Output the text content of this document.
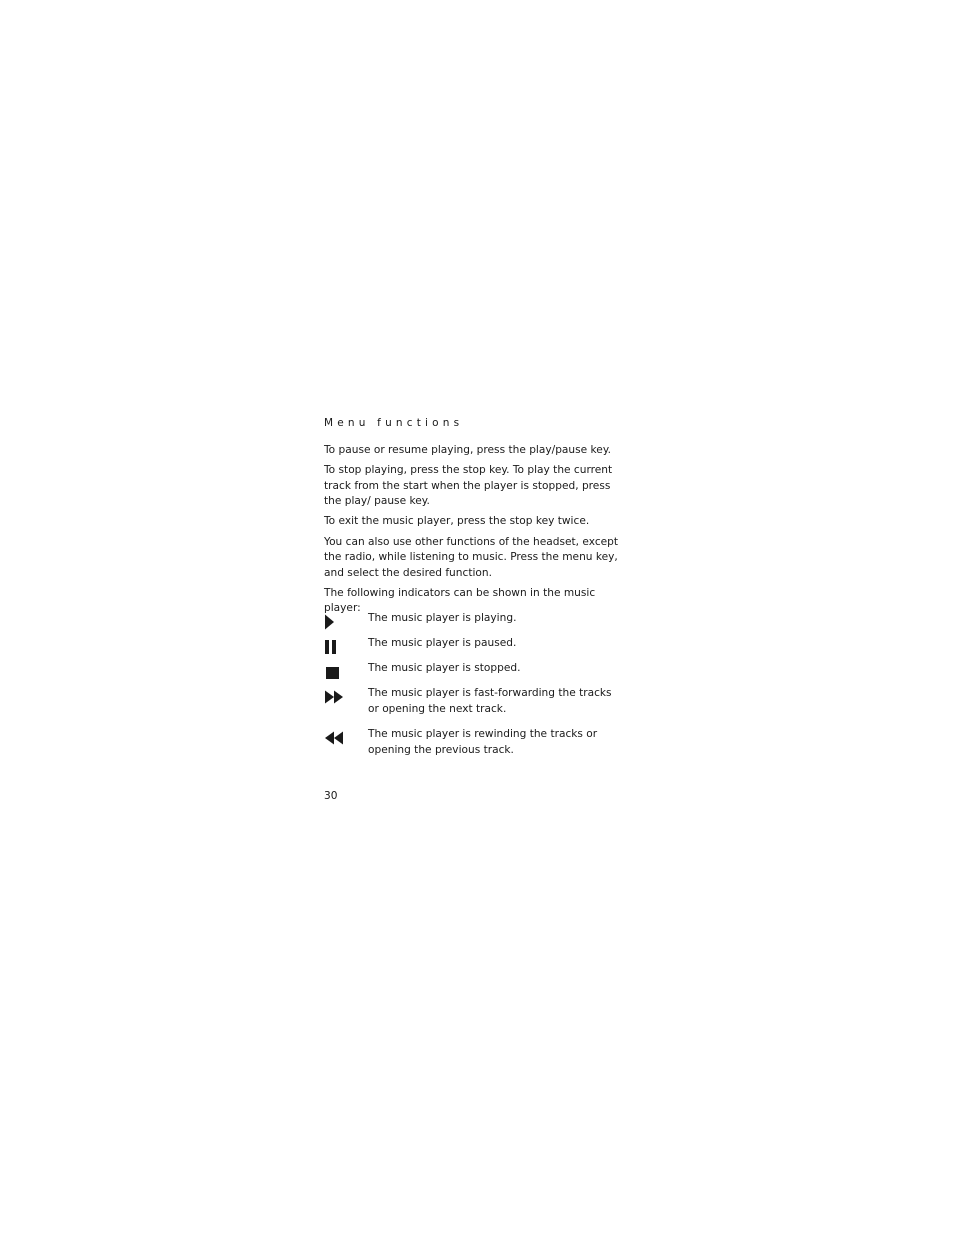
Menu functions

To pause or resume playing, press the play/pause key.

To stop playing, press the stop key. To play the current track from the start when the player is stopped, press the play/ pause key.

To exit the music player, press the stop key twice.

You can also use other functions of the headset, except the radio, while listening to music. Press the menu key, and select the desired function.

The following indicators can be shown in the music player:

The music player is playing.
The music player is paused.
The music player is stopped.
The music player is fast-forwarding the tracks or opening the next track.
The music player is rewinding the tracks or opening the previous track.
30
